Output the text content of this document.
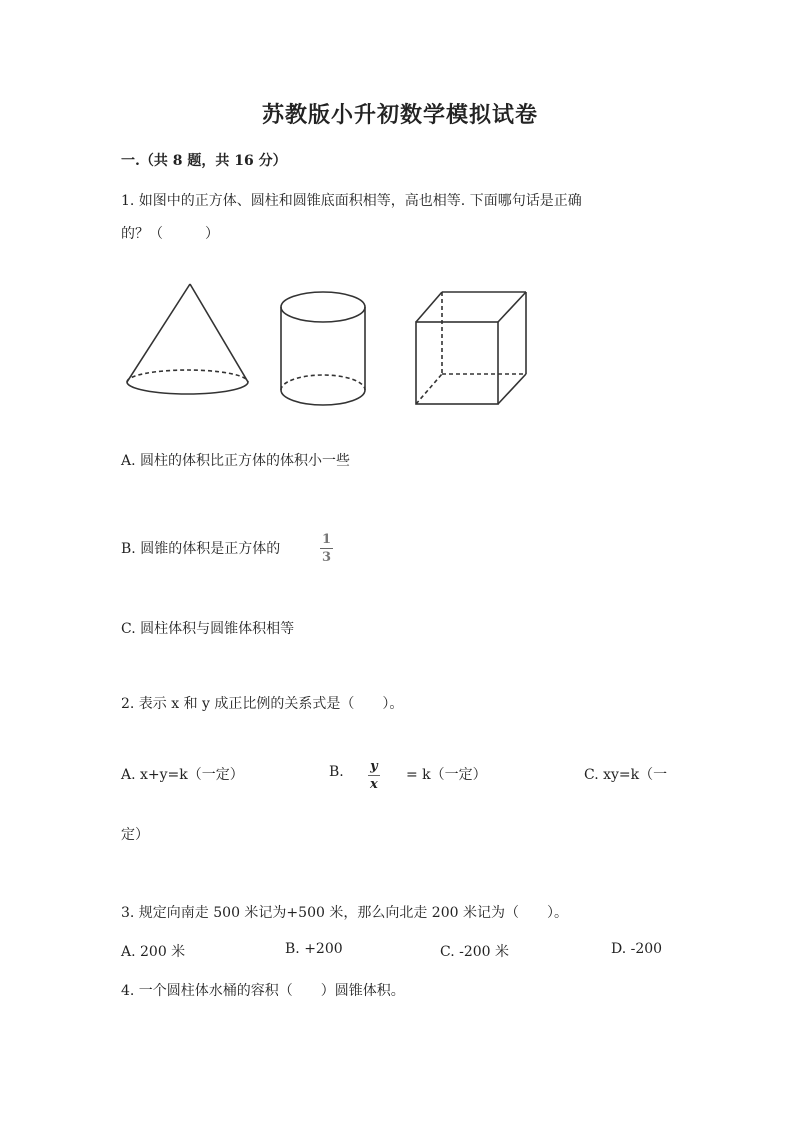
苏教版小升初数学模拟试卷
一.（共 8 题，共 16 分）
1. 如图中的正方体、圆柱和圆锥底面积相等，高也相等. 下面哪句话是正确
的？（　　　）
A. 圆柱的体积比正方体的体积小一些
B. 圆锥的体积是正方体的	$\frac{1}{3}$
C. 圆柱体积与圆锥体积相等
2. 表示 x 和 y 成正比例的关系式是（　　）。
A. x+y=k（一定）	B. $\frac{y}{x} = k$（一定）	C. xy=k（一
定）
3. 规定向南走 500 米记为+500 米，那么向北走 200 米记为（　　）。
A. 200 米	B. +200	C. -200 米	D. -200
4. 一个圆柱体水桶的容积（　　）圆锥体积。
